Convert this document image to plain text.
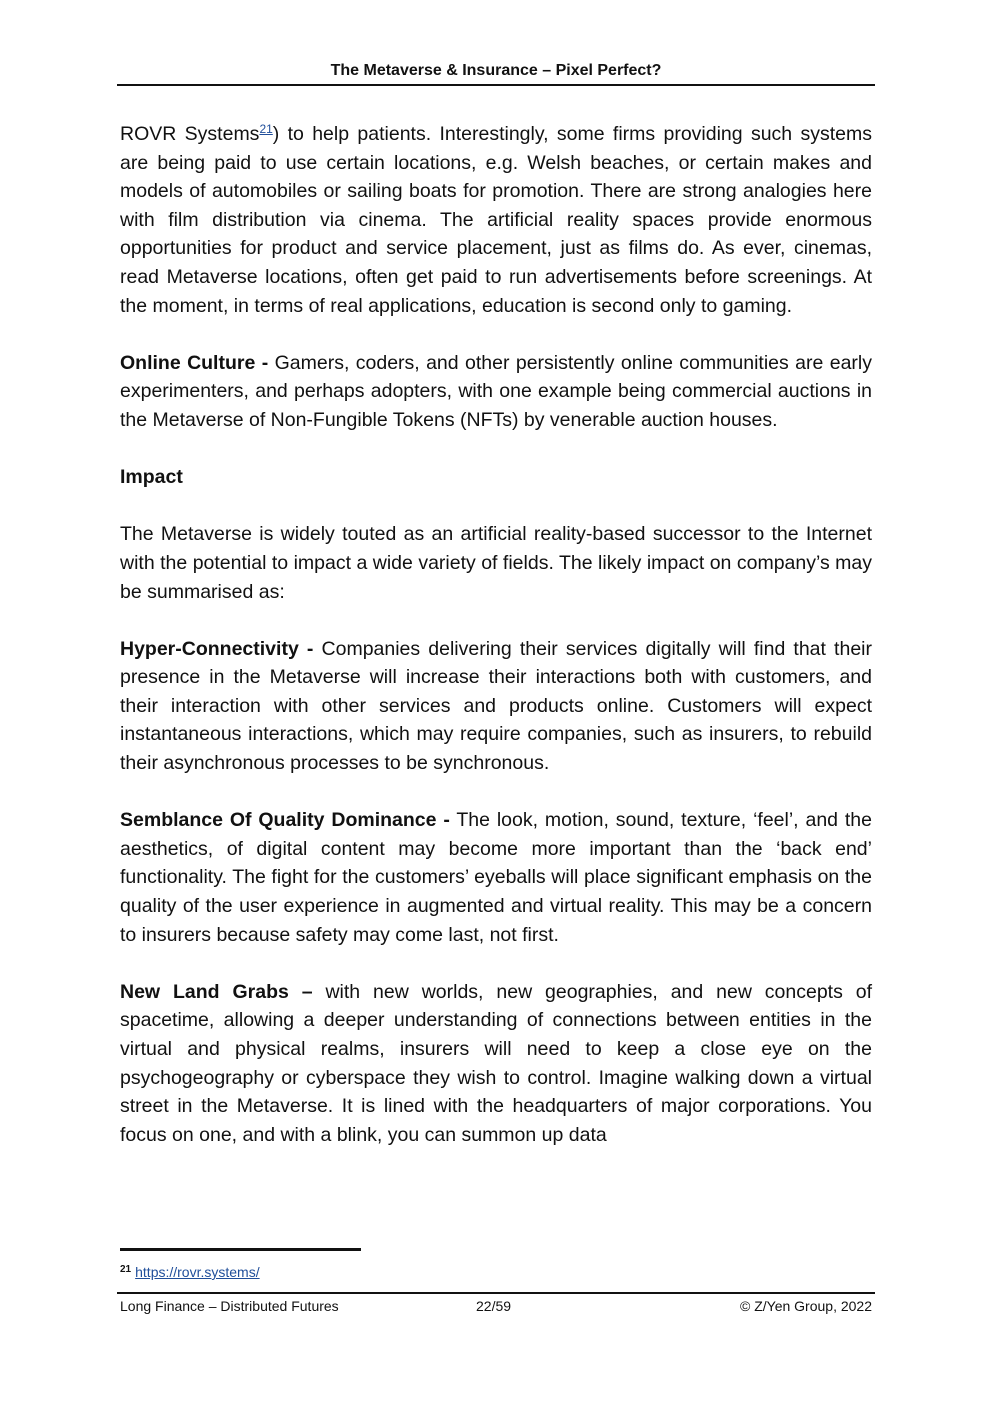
The Metaverse & Insurance – Pixel Perfect?

ROVR Systems$^{21}$) to help patients. Interestingly, some firms providing such systems are being paid to use certain locations, e.g. Welsh beaches, or certain makes and models of automobiles or sailing boats for promotion. There are strong analogies here with film distribution via cinema. The artificial reality spaces provide enormous opportunities for product and service placement, just as films do. As ever, cinemas, read Metaverse locations, often get paid to run advertisements before screenings. At the moment, in terms of real applications, education is second only to gaming.

Online Culture - Gamers, coders, and other persistently online communities are early experimenters, and perhaps adopters, with one example being commercial auctions in the Metaverse of Non-Fungible Tokens (NFTs) by venerable auction houses.

Impact

The Metaverse is widely touted as an artificial reality-based successor to the Internet with the potential to impact a wide variety of fields. The likely impact on company’s may be summarised as:

Hyper-Connectivity - Companies delivering their services digitally will find that their presence in the Metaverse will increase their interactions both with customers, and their interaction with other services and products online. Customers will expect instantaneous interactions, which may require companies, such as insurers, to rebuild their asynchronous processes to be synchronous.

Semblance Of Quality Dominance - The look, motion, sound, texture, ‘feel’, and the aesthetics, of digital content may become more important than the ‘back end’ functionality. The fight for the customers’ eyeballs will place significant emphasis on the quality of the user experience in augmented and virtual reality. This may be a concern to insurers because safety may come last, not first.

New Land Grabs – with new worlds, new geographies, and new concepts of spacetime, allowing a deeper understanding of connections between entities in the virtual and physical realms, insurers will need to keep a close eye on the psychogeography or cyberspace they wish to control. Imagine walking down a virtual street in the Metaverse. It is lined with the headquarters of major corporations. You focus on one, and with a blink, you can summon up data

$^{21}$ https://rovr.systems/
Long Finance – Distributed Futures	22/59	© Z/Yen Group, 2022
